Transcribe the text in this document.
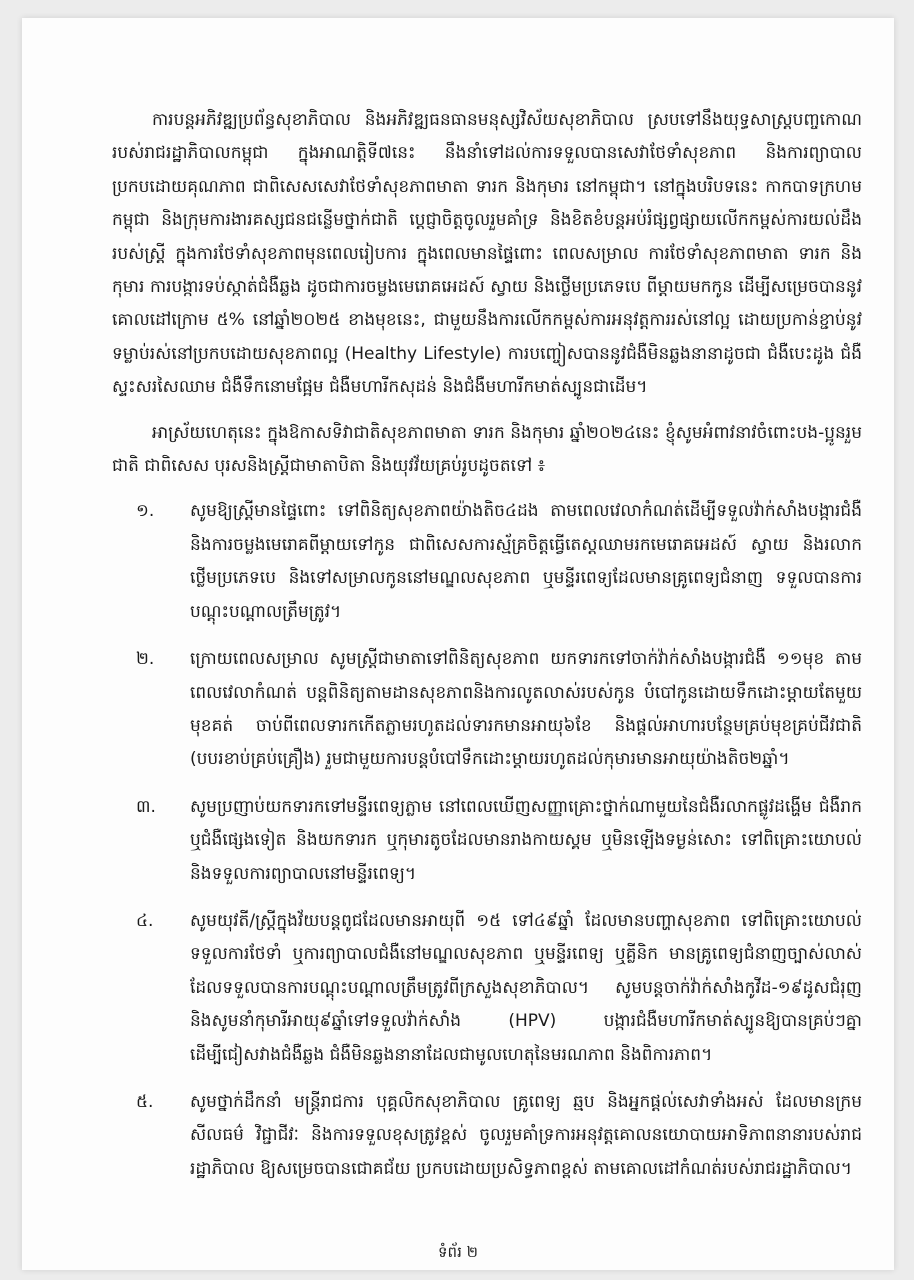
ការបន្តអភិវឌ្ឍប្រព័ន្ធសុខាភិបាល និងអភិវឌ្ឍធនធានមនុស្សវិស័យសុខាភិបាល ស្របទៅនឹងយុទ្ធសាស្ត្របញ្ចកោណរបស់រាជរដ្ឋាភិបាលកម្ពុជា ក្នុងអាណត្តិទី៧នេះ នឹងនាំទៅដល់ការទទួលបានសេវាថែទាំសុខភាព និងការព្យាបាលប្រកបដោយគុណភាព ជាពិសេសសេវាថែទាំសុខភាពមាតា ទារក និងកុមារ នៅកម្ពុជា។ នៅក្នុងបរិបទនេះ កាកបាទក្រហមកម្ពុជា និងក្រុមការងារគស្សជនជន្លើមថ្នាក់ជាតិ ប្តេជ្ញាចិត្តចូលរួមគាំទ្រ និងខិតខំបន្តអប់រំផ្សព្វផ្សាយលើកកម្ពស់ការយល់ដឹងរបស់ស្ត្រី ក្នុងការថែទាំសុខភាពមុនពេលរៀបការ ក្នុងពេលមានផ្ទៃពោះ ពេលសម្រាល ការថែទាំសុខភាពមាតា ទារក និងកុមារ ការបង្ការទប់ស្កាត់ជំងឺឆ្លង ដូចជាការចម្លងមេរោគអេដស៍ ស្វាយ និងថ្លើមប្រភេទបេ ពីម្តាយមកកូន ដើម្បីសម្រេចបាននូវគោលដៅក្រោម ៥% នៅឆ្នាំ២០២៥ ខាងមុខនេះ, ជាមួយនឹងការលើកកម្ពស់ការអនុវត្តការរស់នៅល្អ ដោយប្រកាន់ខ្ជាប់នូវទម្លាប់រស់នៅប្រកបដោយសុខភាពល្អ (Healthy Lifestyle) ការបញ្ចៀសបាននូវជំងឺមិនឆ្លងនានាដូចជា ជំងឺបេះដូង ជំងឺស្ទះសរសៃឈាម ជំងឺទឹកនោមផ្អែម ជំងឺមហារីកសុដន់ និងជំងឺមហារីកមាត់ស្បូនជាដើម។

អាស្រ័យហេតុនេះ ក្នុងឱកាសទិវាជាតិសុខភាពមាតា ទារក និងកុមារ ឆ្នាំ២០២៤នេះ ខ្ញុំសូមអំពាវនាវចំពោះបង-ប្អូនរួមជាតិ ជាពិសេស បុរសនិងស្ត្រីជាមាតាបិតា និងយុវវ័យគ្រប់រូបដូចតទៅ ៖

១.	សូមឱ្យស្ត្រីមានផ្ទៃពោះ ទៅពិនិត្យសុខភាពយ៉ាងតិច៤ដង តាមពេលវេលាកំណត់ដើម្បីទទួលវ៉ាក់សាំងបង្ការជំងឺ និងការចម្លងមេរោគពីម្តាយទៅកូន ជាពិសេសការស្ម័គ្រចិត្តធ្វើតេស្តឈាមរកមេរោគអេដស៍ ស្វាយ និងរលាកថ្លើមប្រភេទបេ និងទៅសម្រាលកូននៅមណ្ឌលសុខភាព ឬមន្ទីរពេទ្យដែលមានគ្រូពេទ្យជំនាញ ទទួលបានការបណ្តុះបណ្តាលត្រឹមត្រូវ។
២.	ក្រោយពេលសម្រាល សូមស្ត្រីជាមាតាទៅពិនិត្យសុខភាព យកទារកទៅចាក់វ៉ាក់សាំងបង្ការជំងឺ ១១មុខ តាមពេលវេលាកំណត់ បន្តពិនិត្យតាមដានសុខភាពនិងការលូតលាស់របស់កូន បំបៅកូនដោយទឹកដោះម្តាយតែមួយមុខគត់ ចាប់ពីពេលទារកកើតភ្លាមរហូតដល់ទារកមានអាយុ៦ខែ និងផ្តល់អាហារបន្ថែមគ្រប់មុខគ្រប់ជីវជាតិ (បបរខាប់គ្រប់គ្រឿង) រួមជាមួយការបន្តបំបៅទឹកដោះម្តាយរហូតដល់កុមារមានអាយុយ៉ាងតិច២ឆ្នាំ។
៣.	សូមប្រញាប់យកទារកទៅមន្ទីរពេទ្យភ្លាម នៅពេលឃើញសញ្ញាគ្រោះថ្នាក់ណាមួយនៃជំងឺរលាកផ្លូវដង្ហើម ជំងឺរាក ឬជំងឺផ្សេងទៀត និងយកទារក ឬកុមារតូចដែលមានរាងកាយស្គម ឬមិនឡើងទម្ងន់សោះ ទៅពិគ្រោះយោបល់ និងទទួលការព្យាបាលនៅមន្ទីរពេទ្យ។
៤.	សូមយុវតី/ស្ត្រីក្នុងវ័យបន្តពូជដែលមានអាយុពី ១៥ ទៅ៤៩ឆ្នាំ ដែលមានបញ្ហាសុខភាព ទៅពិគ្រោះយោបល់ ទទួលការថែទាំ ឬការព្យាបាលជំងឺនៅមណ្ឌលសុខភាព ឬមន្ទីរពេទ្យ ឬគ្លីនិក មានគ្រូពេទ្យជំនាញច្បាស់លាស់ ដែលទទួលបានការបណ្តុះបណ្តាលត្រឹមត្រូវពីក្រសួងសុខាភិបាល។ សូមបន្តចាក់វ៉ាក់សាំងកូវីដ-១៩ដូសជំរុញ និងសូមនាំកុមារីអាយុ៩ឆ្នាំទៅទទួលវ៉ាក់សាំង (HPV) បង្ការជំងឺមហារីកមាត់ស្បូនឱ្យបានគ្រប់ៗគ្នា ដើម្បីជៀសវាងជំងឺឆ្លង ជំងឺមិនឆ្លងនានាដែលជាមូលហេតុនៃមរណភាព និងពិការភាព។
៥.	សូមថ្នាក់ដឹកនាំ មន្ត្រីរាជការ បុគ្គលិកសុខាភិបាល គ្រូពេទ្យ ឆ្មប និងអ្នកផ្តល់សេវាទាំងអស់ ដែលមានក្រមសីលធម៌ វិជ្ជាជីវៈ និងការទទួលខុសត្រូវខ្ពស់ ចូលរួមគាំទ្រការអនុវត្តគោលនយោបាយអាទិភាពនានារបស់រាជរដ្ឋាភិបាល ឱ្យសម្រេចបានជោគជ័យ ប្រកបដោយប្រសិទ្ធភាពខ្ពស់ តាមគោលដៅកំណត់របស់រាជរដ្ឋាភិបាល។
ទំព័រ ២
